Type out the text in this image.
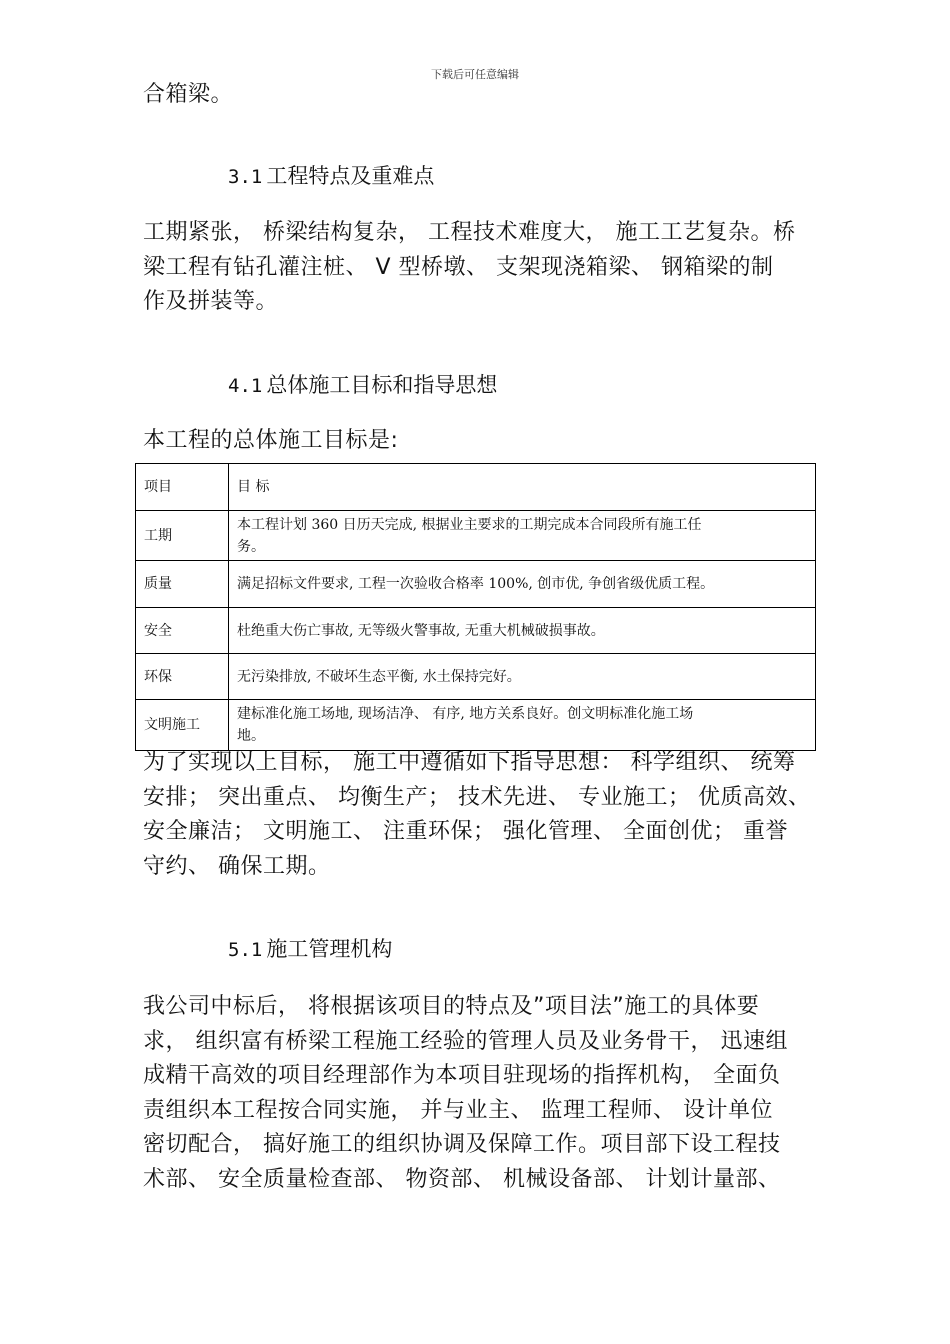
下载后可任意编辑
合箱梁。
3.1 工程特点及重难点
工期紧张， 桥梁结构复杂， 工程技术难度大， 施工工艺复杂。桥
梁工程有钻孔灌注桩、 V 型桥墩、 支架现浇箱梁、 钢箱梁的制
作及拼装等。
4.1 总体施工目标和指导思想
本工程的总体施工目标是:
项目	目 标
工期	本工程计划 360 日历天完成, 根据业主要求的工期完成本合同段所有施工任
务。

质量	满足招标文件要求, 工程一次验收合格率 100%, 创市优, 争创省级优质工程。

安全	杜绝重大伤亡事故, 无等级火警事故, 无重大机械破损事故。

环保	无污染排放, 不破坏生态平衡, 水土保持完好。

文明施工	建标准化施工场地, 现场洁净、 有序, 地方关系良好。创文明标准化施工场
地。
为了实现以上目标， 施工中遵循如下指导思想： 科学组织、 统筹
安排； 突出重点、 均衡生产； 技术先进、 专业施工； 优质高效、
安全廉洁； 文明施工、 注重环保； 强化管理、 全面创优； 重誉
守约、 确保工期。
5.1 施工管理机构
我公司中标后， 将根据该项目的特点及”项目法”施工的具体要
求， 组织富有桥梁工程施工经验的管理人员及业务骨干， 迅速组
成精干高效的项目经理部作为本项目驻现场的指挥机构， 全面负
责组织本工程按合同实施， 并与业主、 监理工程师、 设计单位
密切配合， 搞好施工的组织协调及保障工作。项目部下设工程技
术部、 安全质量检查部、 物资部、 机械设备部、 计划计量部、
